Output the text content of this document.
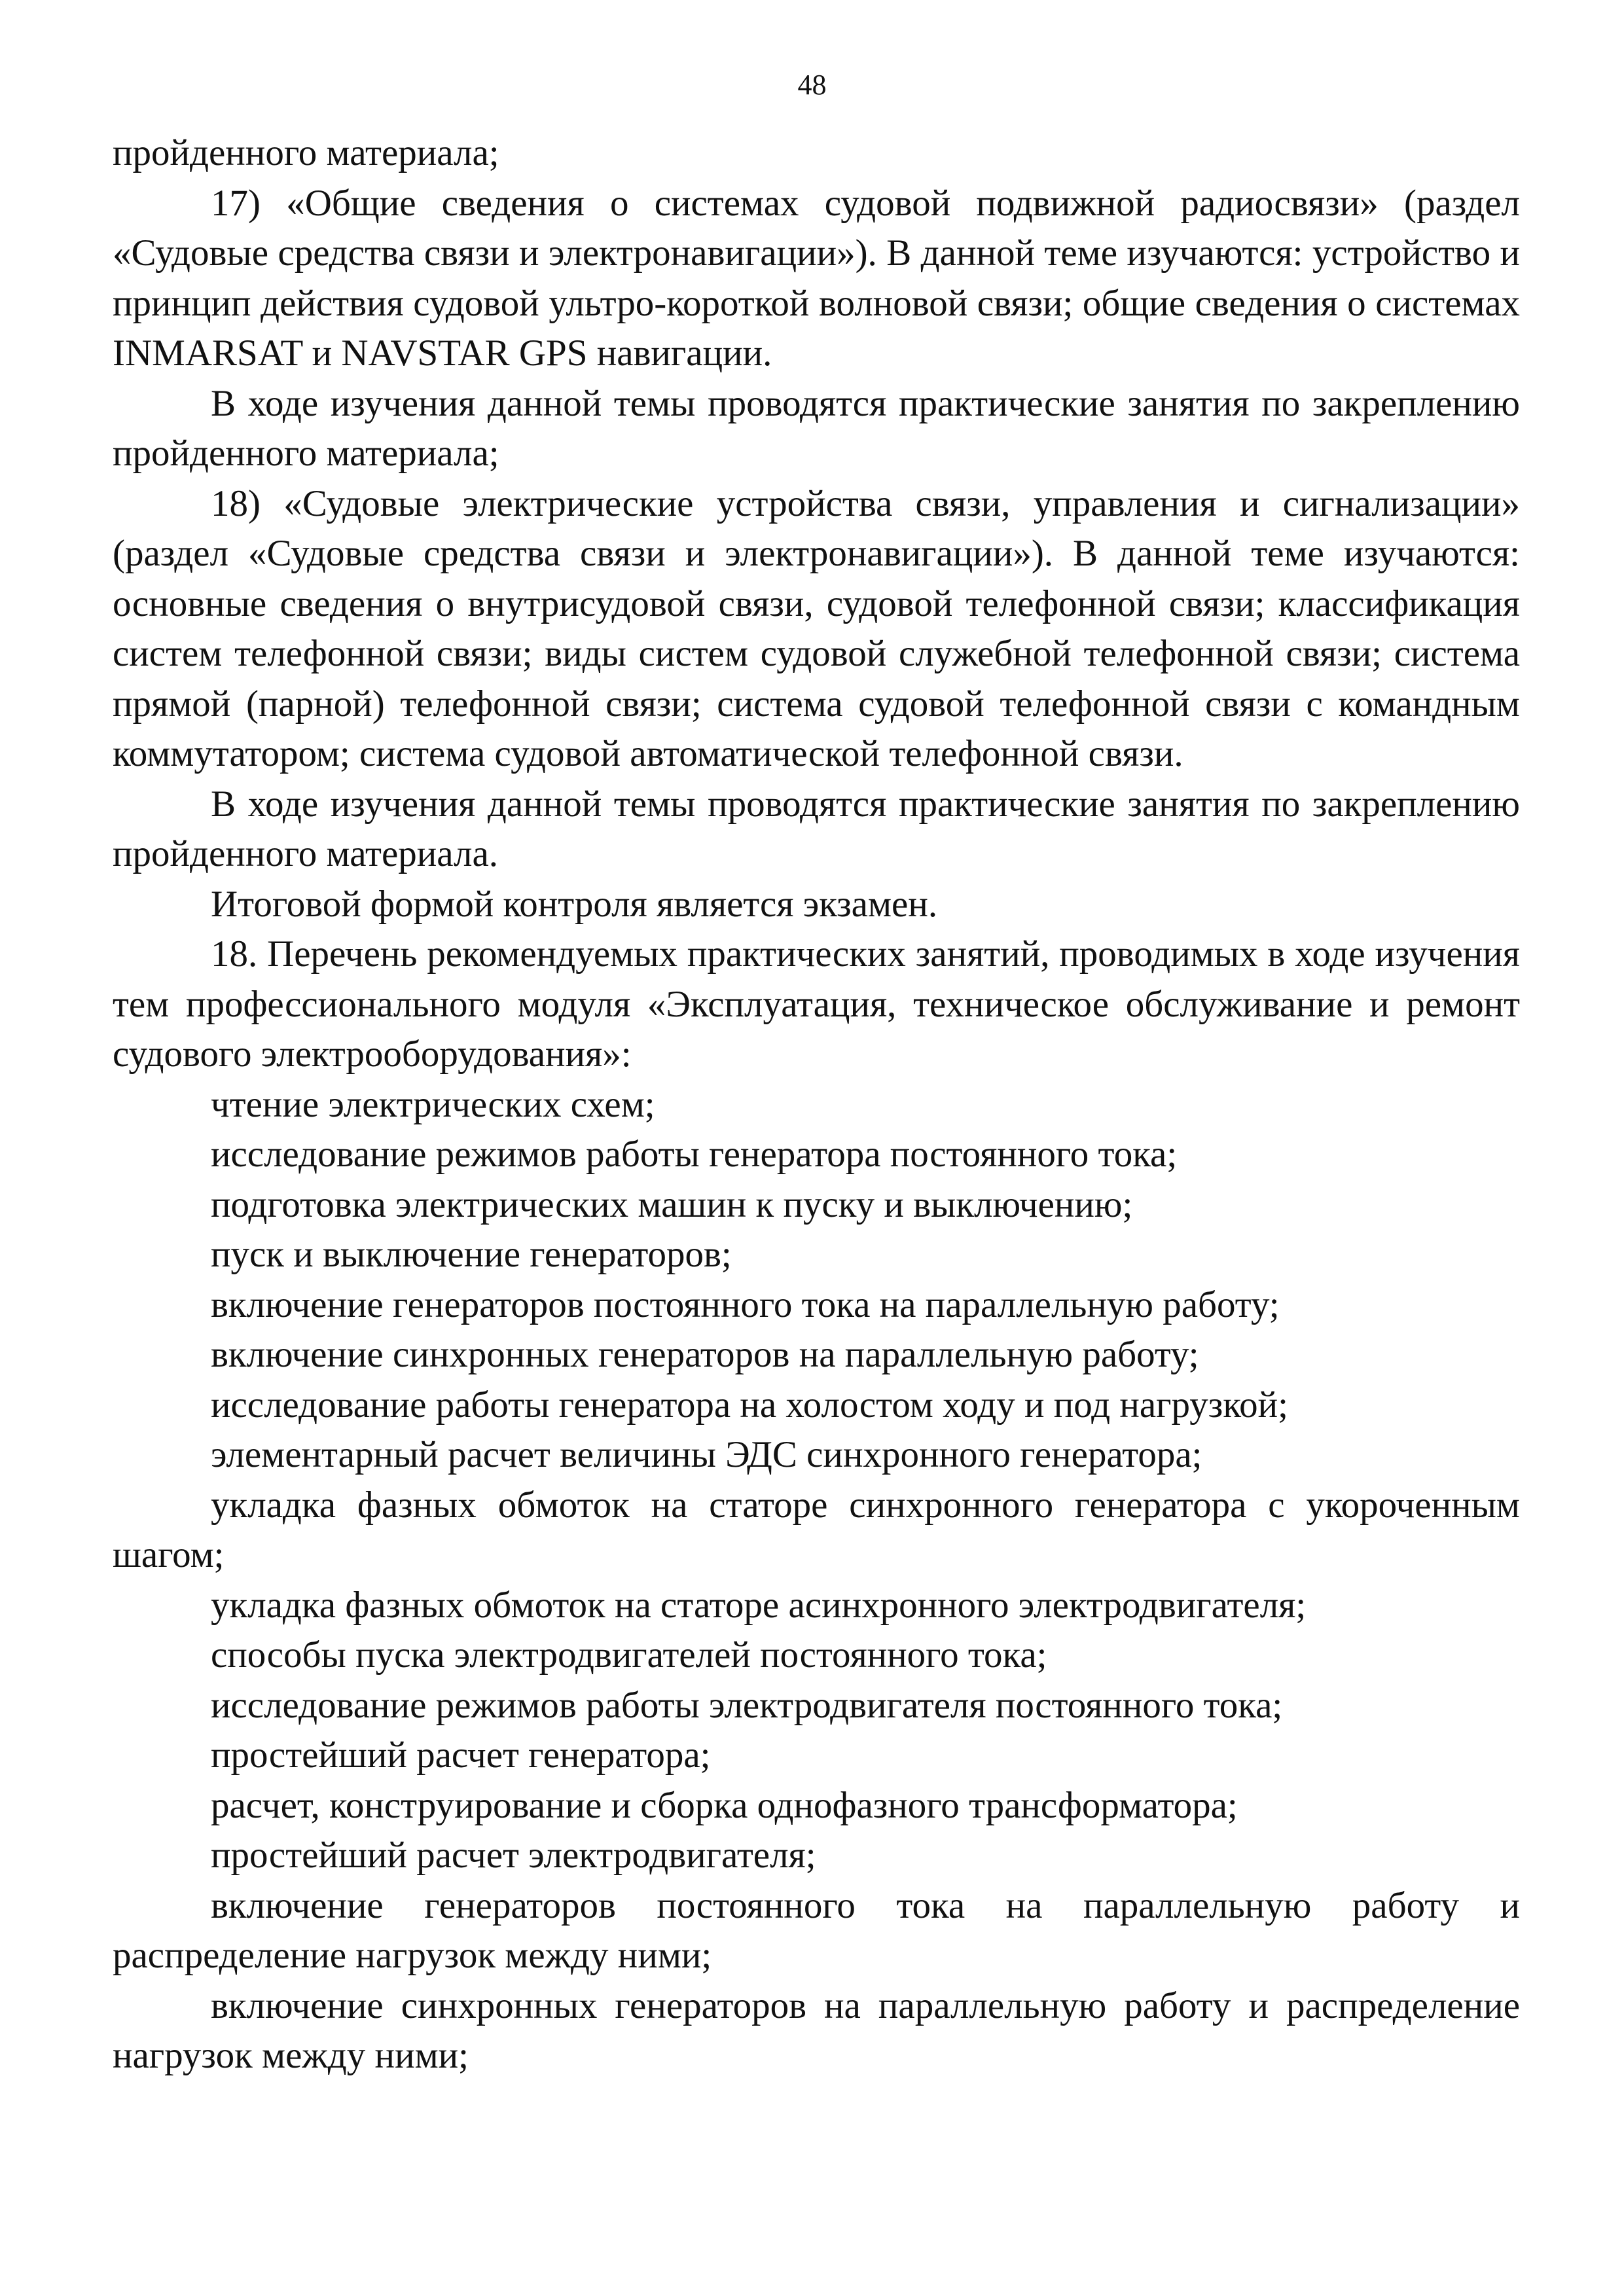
48

пройденного материала;

17) «Общие сведения о системах судовой подвижной радиосвязи» (раздел «Судовые средства связи и электронавигации»). В данной теме изучаются: устройство и принцип действия судовой ультро-короткой волновой связи; общие сведения о системах INMARSAT и NAVSTAR GPS навигации.

В ходе изучения данной темы проводятся практические занятия по закреплению пройденного материала;

18) «Судовые электрические устройства связи, управления и сигнализации» (раздел «Судовые средства связи и электронавигации»). В данной теме изучаются: основные сведения о внутрисудовой связи, судовой телефонной связи; классификация систем телефонной связи; виды систем судовой служебной телефонной связи; система прямой (парной) телефонной связи; система судовой телефонной связи с командным коммутатором; система судовой автоматической телефонной связи.

В ходе изучения данной темы проводятся практические занятия по закреплению пройденного материала.

Итоговой формой контроля является экзамен.

18. Перечень рекомендуемых практических занятий, проводимых в ходе изучения тем профессионального модуля «Эксплуатация, техническое обслуживание и ремонт судового электрооборудования»:

чтение электрических схем;

исследование режимов работы генератора постоянного тока;

подготовка электрических машин к пуску и выключению;

пуск и выключение генераторов;

включение генераторов постоянного тока на параллельную работу;

включение синхронных генераторов на параллельную работу;

исследование работы генератора на холостом ходу и под нагрузкой;

элементарный расчет величины ЭДС синхронного генератора;

укладка фазных обмоток на статоре синхронного генератора с укороченным шагом;

укладка фазных обмоток на статоре асинхронного электродвигателя;

способы пуска электродвигателей постоянного тока;

исследование режимов работы электродвигателя постоянного тока;

простейший расчет генератора;

расчет, конструирование и сборка однофазного трансформатора;

простейший расчет электродвигателя;

включение генераторов постоянного тока на параллельную работу и распределение нагрузок между ними;

включение синхронных генераторов на параллельную работу и распределение нагрузок между ними;
